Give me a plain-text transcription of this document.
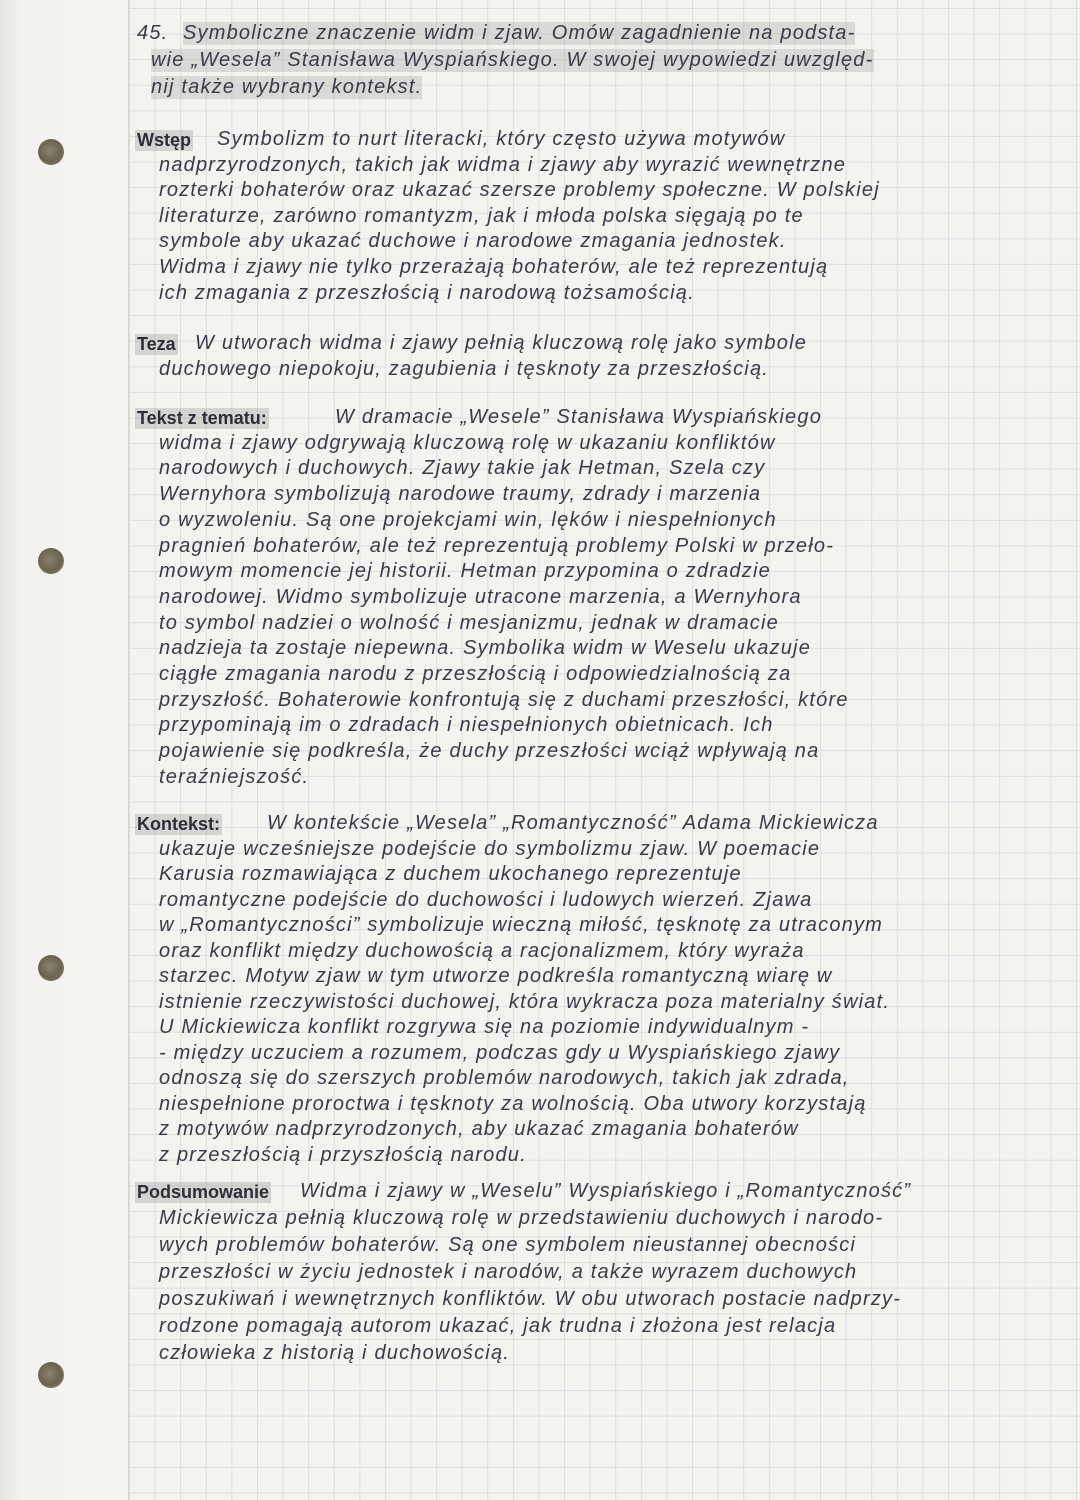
45. Symboliczne znaczenie widm i zjaw. Omów zagadnienie na podsta-
wie „Wesela” Stanisława Wyspiańskiego. W swojej wypowiedzi uwzględ-
nij także wybrany kontekst.
Wstęp Symbolizm to nurt literacki, który często używa motywów
nadprzyrodzonych, takich jak widma i zjawy aby wyrazić wewnętrzne
rozterki bohaterów oraz ukazać szersze problemy społeczne. W polskiej
literaturze, zarówno romantyzm, jak i młoda polska sięgają po te
symbole aby ukazać duchowe i narodowe zmagania jednostek.
Widma i zjawy nie tylko przerażają bohaterów, ale też reprezentują
ich zmagania z przeszłością i narodową tożsamością.
Teza W utworach widma i zjawy pełnią kluczową rolę jako symbole
duchowego niepokoju, zagubienia i tęsknoty za przeszłością.
Tekst z tematu:	W dramacie „Wesele” Stanisława Wyspiańskiego
widma i zjawy odgrywają kluczową rolę w ukazaniu konfliktów
narodowych i duchowych. Zjawy takie jak Hetman, Szela czy
Wernyhora symbolizują narodowe traumy, zdrady i marzenia
o wyzwoleniu. Są one projekcjami win, lęków i niespełnionych
pragnień bohaterów, ale też reprezentują problemy Polski w przeło-
mowym momencie jej historii. Hetman przypomina o zdradzie
narodowej. Widmo symbolizuje utracone marzenia, a Wernyhora
to symbol nadziei o wolność i mesjanizmu, jednak w dramacie
nadzieja ta zostaje niepewna. Symbolika widm w Weselu ukazuje
ciągłe zmagania narodu z przeszłością i odpowiedzialnością za
przyszłość. Bohaterowie konfrontują się z duchami przeszłości, które
przypominają im o zdradach i niespełnionych obietnicach. Ich
pojawienie się podkreśla, że duchy przeszłości wciąż wpływają na
teraźniejszość.
Kontekst: W kontekście „Wesela” „Romantyczność” Adama Mickiewicza
ukazuje wcześniejsze podejście do symbolizmu zjaw. W poemacie
Karusia rozmawiająca z duchem ukochanego reprezentuje
romantyczne podejście do duchowości i ludowych wierzeń. Zjawa
w „Romantyczności” symbolizuje wieczną miłość, tęsknotę za utraconym
oraz konflikt między duchowością a racjonalizmem, który wyraża
starzec. Motyw zjaw w tym utworze podkreśla romantyczną wiarę w
istnienie rzeczywistości duchowej, która wykracza poza materialny świat.
U Mickiewicza konflikt rozgrywa się na poziomie indywidualnym -
- między uczuciem a rozumem, podczas gdy u Wyspiańskiego zjawy
odnoszą się do szerszych problemów narodowych, takich jak zdrada,
niespełnione proroctwa i tęsknoty za wolnością. Oba utwory korzystają
z motywów nadprzyrodzonych, aby ukazać zmagania bohaterów
z przeszłością i przyszłością narodu.
Podsumowanie Widma i zjawy w „Weselu” Wyspiańskiego i „Romantyczność”
Mickiewicza pełnią kluczową rolę w przedstawieniu duchowych i narodo-
wych problemów bohaterów. Są one symbolem nieustannej obecności
przeszłości w życiu jednostek i narodów, a także wyrazem duchowych
poszukiwań i wewnętrznych konfliktów. W obu utworach postacie nadprzy-
rodzone pomagają autorom ukazać, jak trudna i złożona jest relacja
człowieka z historią i duchowością.
